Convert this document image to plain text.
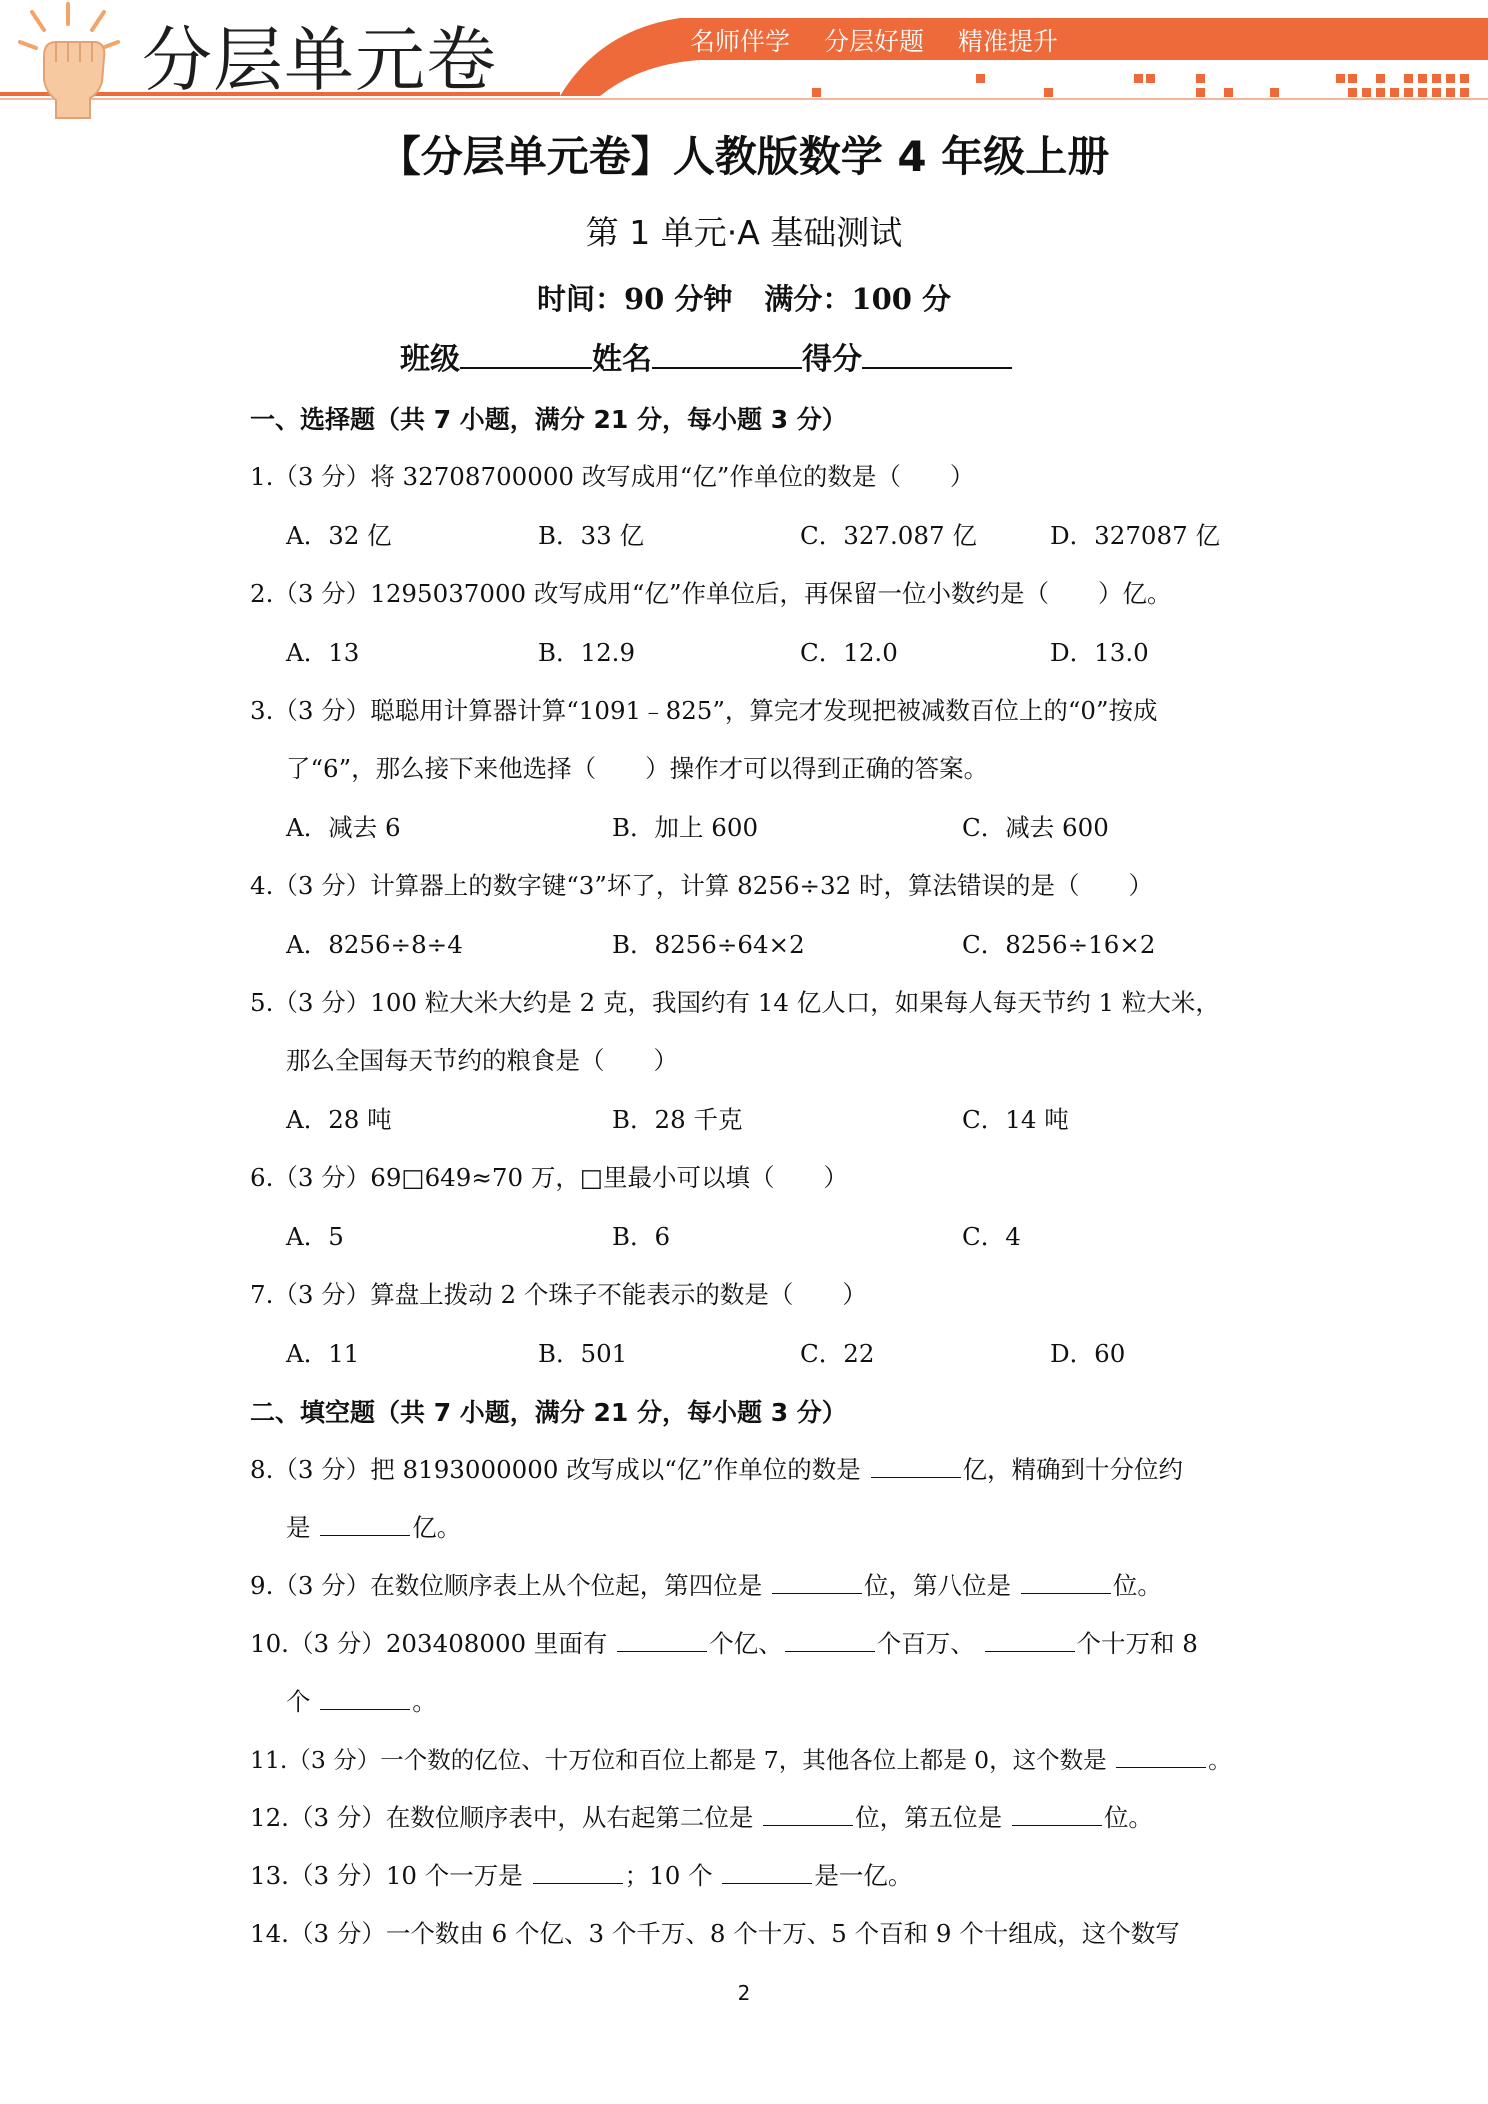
分层单元卷	名师伴学 分层好题 精准提升
【分层单元卷】人教版数学 4 年级上册
第 1 单元·A 基础测试
时间：90 分钟 满分：100 分
班级	姓名	得分
一、选择题（共 7 小题，满分 21 分，每小题 3 分）
1.（3 分）将 32708700000 改写成用“亿”作单位的数是（　　）
A．32 亿	B．33 亿	C．327.087 亿	D．327087 亿
2.（3 分）1295037000 改写成用“亿”作单位后，再保留一位小数约是（　　）亿。
A．13	B．12.9	C．12.0	D．13.0
3.（3 分）聪聪用计算器计算“1091﹣825”，算完才发现把被减数百位上的“0”按成
了“6”，那么接下来他选择（　　）操作才可以得到正确的答案。
A．减去 6	B．加上 600	C．减去 600
4.（3 分）计算器上的数字键“3”坏了，计算 8256÷32 时，算法错误的是（　　）
A．8256÷8÷4	B．8256÷64×2	C．8256÷16×2
5.（3 分）100 粒大米大约是 2 克，我国约有 14 亿人口，如果每人每天节约 1 粒大米，
那么全国每天节约的粮食是（　　）
A．28 吨	B．28 千克	C．14 吨
6.（3 分）69□649≈70 万，□里最小可以填（　　）
A．5	B．6	C．4
7.（3 分）算盘上拨动 2 个珠子不能表示的数是（　　）
A．11	B．501	C．22	D．60
二、填空题（共 7 小题，满分 21 分，每小题 3 分）
8.（3 分）把 8193000000 改写成以“亿”作单位的数是	亿，精确到十分位约
是	亿。
9.（3 分）在数位顺序表上从个位起，第四位是	位，第八位是	位。
10.（3 分）203408000 里面有	个亿、	个百万、	个十万和 8
个	。
11.（3 分）一个数的亿位、十万位和百位上都是 7，其他各位上都是 0，这个数是	。
12.（3 分）在数位顺序表中，从右起第二位是	位，第五位是	位。
13.（3 分）10 个一万是	；10 个	是一亿。
14.（3 分）一个数由 6 个亿、3 个千万、8 个十万、5 个百和 9 个十组成，这个数写
2
